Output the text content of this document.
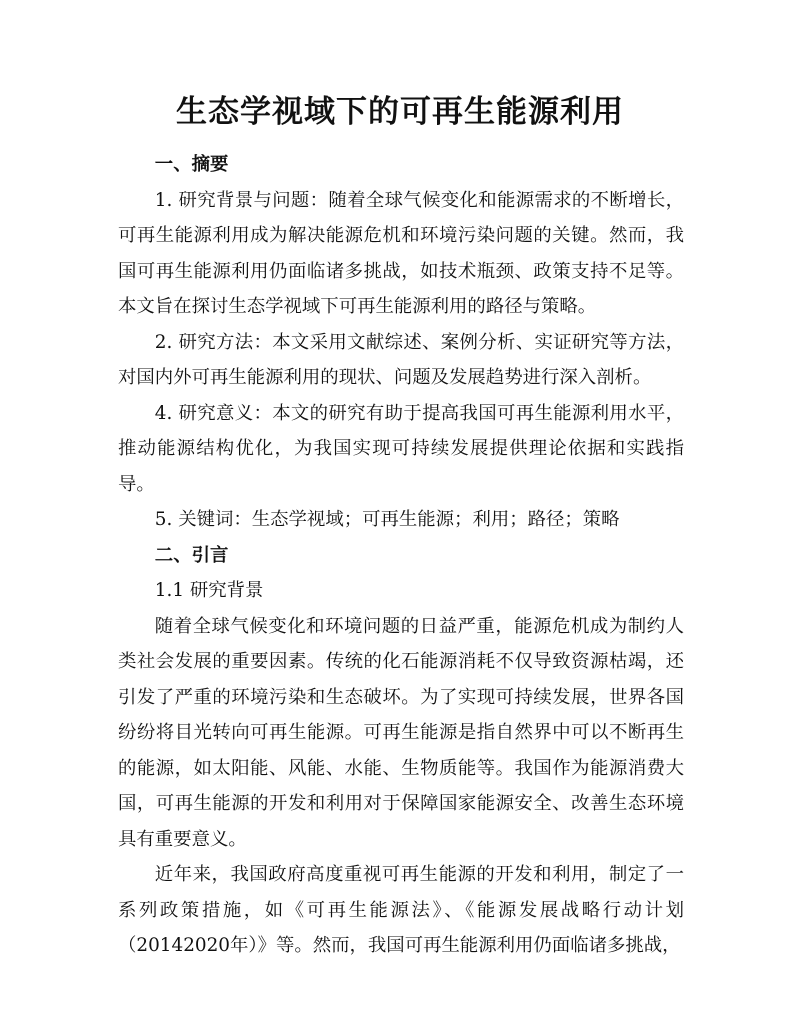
生态学视域下的可再生能源利用

一、摘要

1. 研究背景与问题：随着全球气候变化和能源需求的不断增长，可再生能源利用成为解决能源危机和环境污染问题的关键。然而，我国可再生能源利用仍面临诸多挑战，如技术瓶颈、政策支持不足等。本文旨在探讨生态学视域下可再生能源利用的路径与策略。

2. 研究方法：本文采用文献综述、案例分析、实证研究等方法，对国内外可再生能源利用的现状、问题及发展趋势进行深入剖析。

4. 研究意义：本文的研究有助于提高我国可再生能源利用水平，推动能源结构优化，为我国实现可持续发展提供理论依据和实践指导。

5. 关键词：生态学视域；可再生能源；利用；路径；策略

二、引言

1.1 研究背景

随着全球气候变化和环境问题的日益严重，能源危机成为制约人类社会发展的重要因素。传统的化石能源消耗不仅导致资源枯竭，还引发了严重的环境污染和生态破坏。为了实现可持续发展，世界各国纷纷将目光转向可再生能源。可再生能源是指自然界中可以不断再生的能源，如太阳能、风能、水能、生物质能等。我国作为能源消费大国，可再生能源的开发和利用对于保障国家能源安全、改善生态环境具有重要意义。

近年来，我国政府高度重视可再生能源的开发和利用，制定了一系列政策措施，如《可再生能源法》、《能源发展战略行动计划（20142020年）》等。然而，我国可再生能源利用仍面临诸多挑战，
